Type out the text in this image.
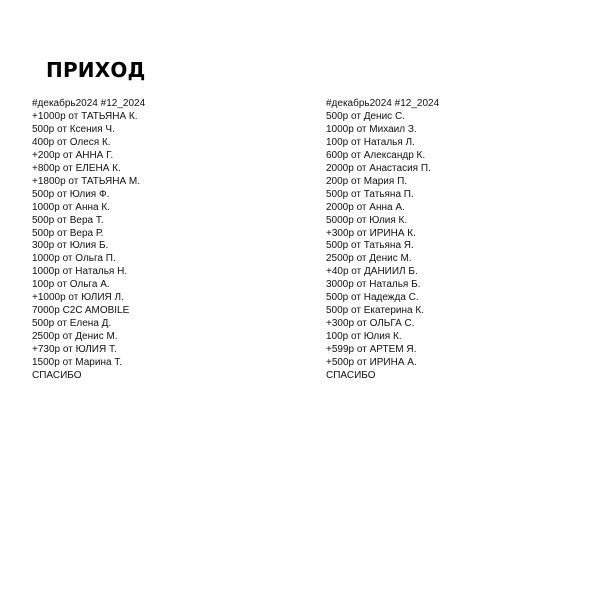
ПРИХОД
#декабрь2024 #12_2024
+1000р от ТАТЬЯНА К.
500р от Ксения Ч.
400р от Олеся К.
+200р от АННА Г.
+800р от ЕЛЕНА К.
+1800р от ТАТЬЯНА М.
500р от Юлия Ф.
1000р от Анна К.
500р от Вера Т.
500р от Вера Р.
300р от Юлия Б.
1000р от Ольга П.
1000р от Наталья Н.
100р от Ольга А.
+1000р от ЮЛИЯ Л.
7000р C2C AMOBILE
500р от Елена Д.
2500р от Денис М.
+730р от ЮЛИЯ Т.
1500р от Марина Т.
СПАСИБО
#декабрь2024 #12_2024
500р от Денис С.
1000р от Михаил З.
100р от Наталья Л.
600р от Александр К.
2000р от Анастасия П.
200р от Мария П.
500р от Татьяна П.
2000р от Анна А.
5000р от Юлия К.
+300р от ИРИНА К.
500р от Татьяна Я.
2500р от Денис М.
+40р от ДАНИИЛ Б.
3000р от Наталья Б.
500р от Надежда С.
500р от Екатерина К.
+300р от ОЛЬГА С.
100р от Юлия К.
+599р от АРТЕМ Я.
+500р от ИРИНА А.
СПАСИБО
